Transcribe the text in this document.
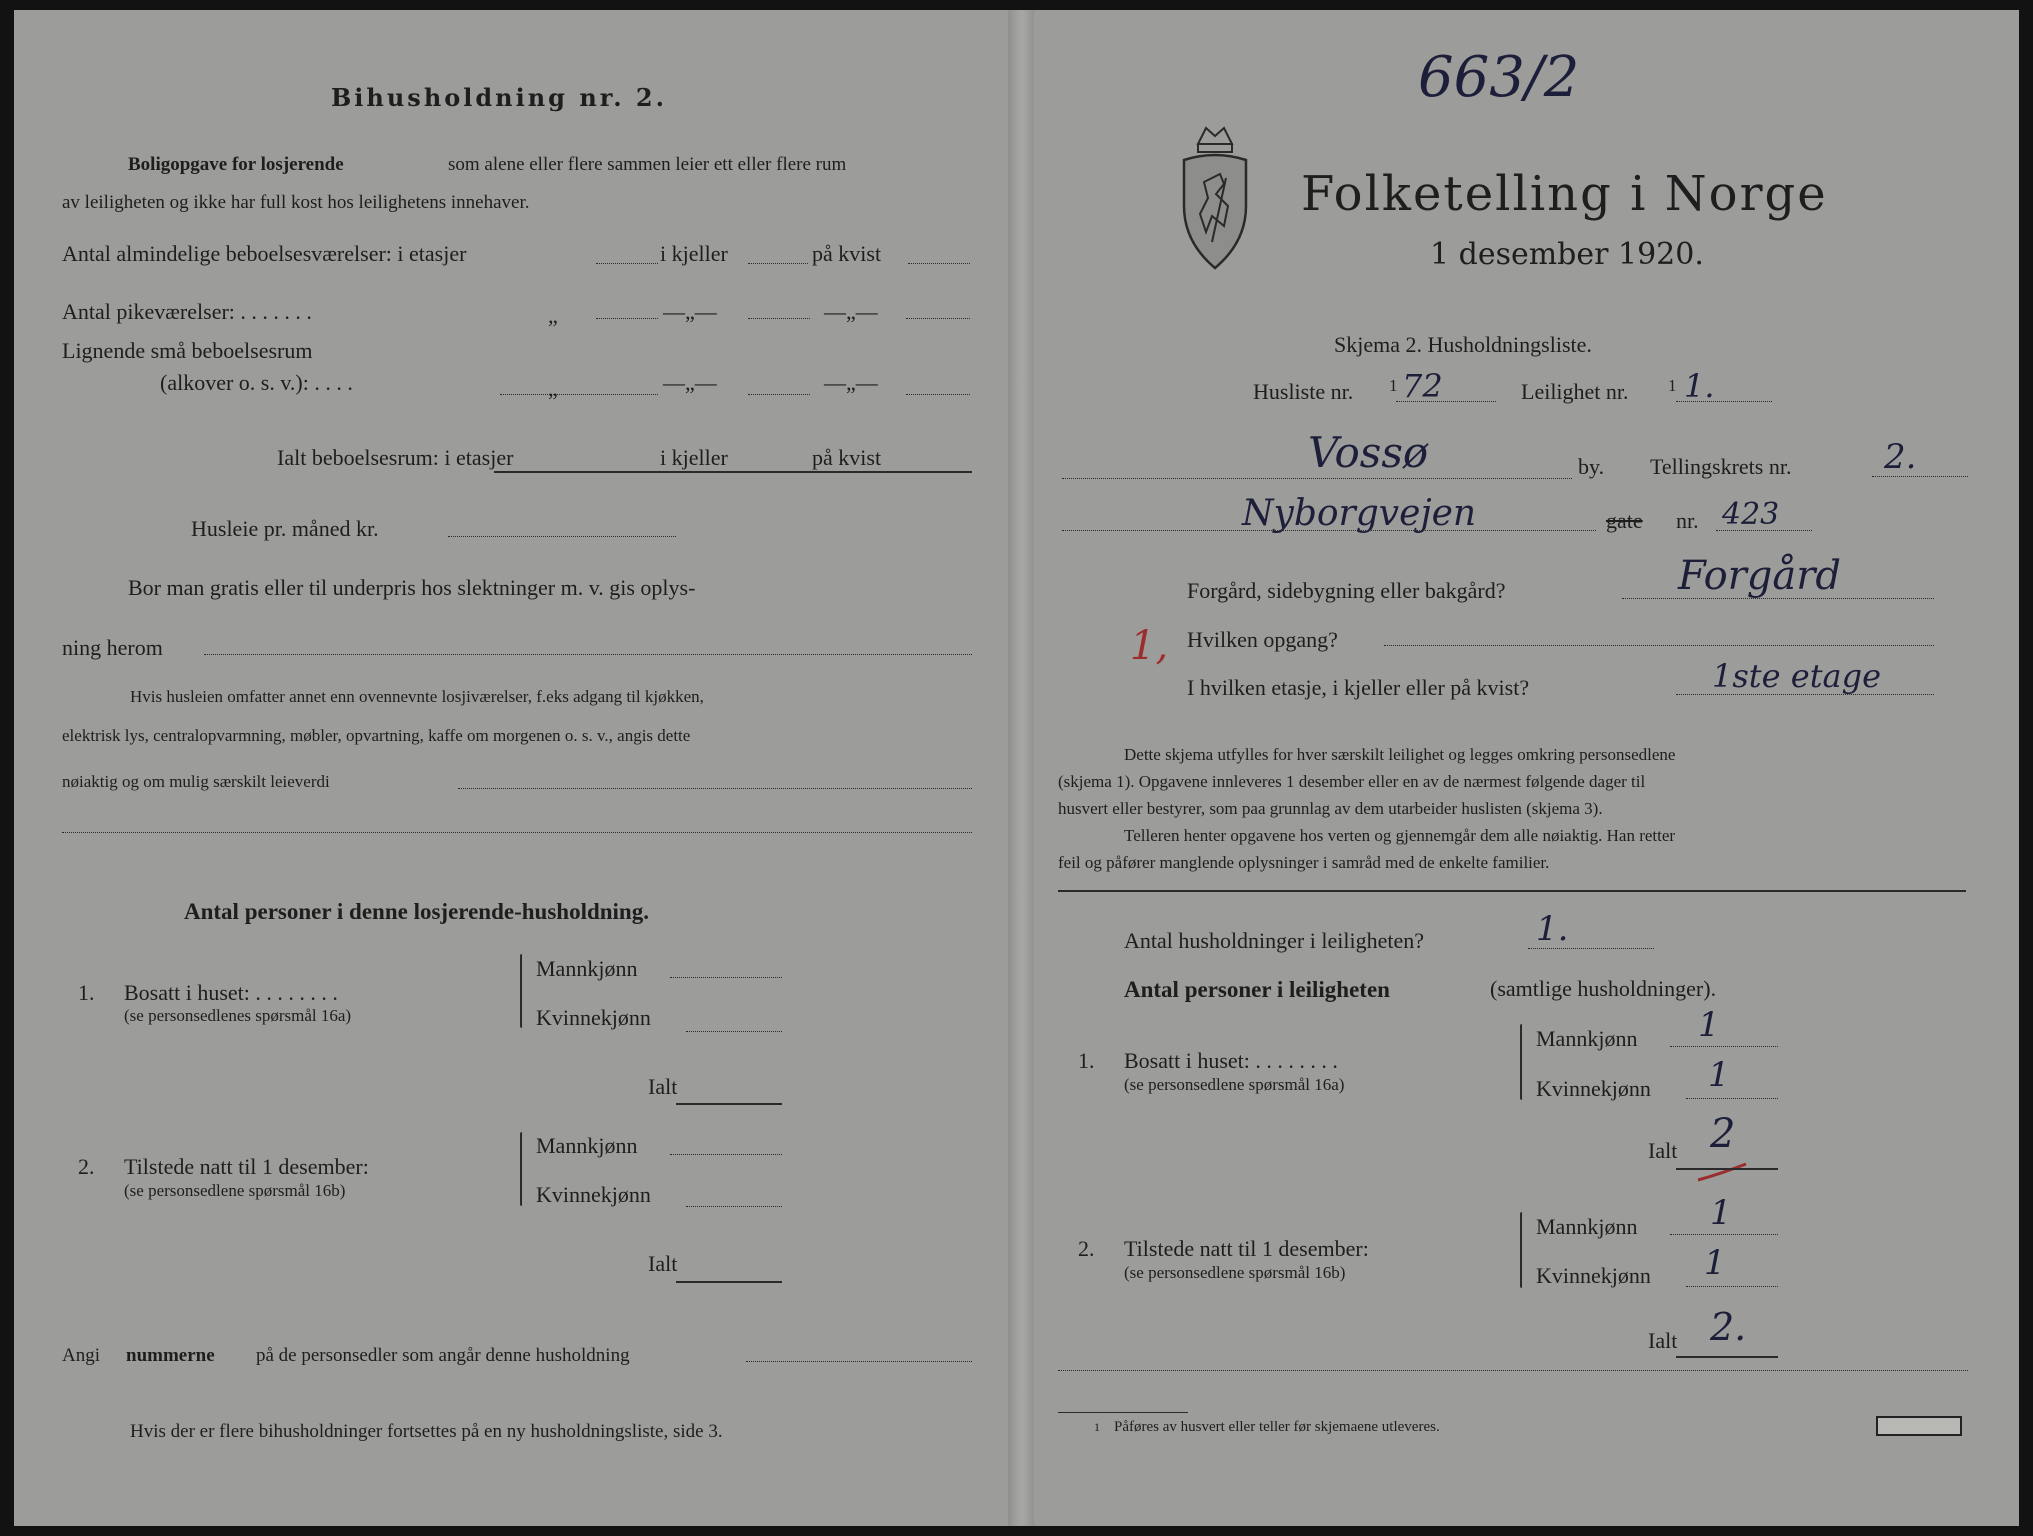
Bihusholdning nr. 2.
Boligopgave for losjerende	som alene eller flere sammen leier ett eller flere rum
av leiligheten og ikke har full kost hos leilighetens innehaver.
Antal almindelige beboelsesværelser: i etasjer	i kjeller	på kvist
Antal pikeværelser: . . . . . . .	„	—„—	—„—
Lignende små beboelsesrum
(alkover o. s. v.): . . . .	„	—„—	—„—
Ialt beboelsesrum: i etasjer	i kjeller	på kvist
Husleie pr. måned kr.
Bor man gratis eller til underpris hos slektninger m. v. gis oplys-
ning herom
Hvis husleien omfatter annet enn ovennevnte losjiværelser, f.eks adgang til kjøkken,
elektrisk lys, centralopvarmning, møbler, opvartning, kaffe om morgenen o. s. v., angis dette
nøiaktig og om mulig særskilt leieverdi
Antal personer i denne losjerende-husholdning.
1. Bosatt i huset: . . . . . . . .
(se personsedlenes spørsmål 16a)
Mannkjønn
Kvinnekjønn
Ialt
2. Tilstede natt til 1 desember:
(se personsedlene spørsmål 16b)
Mannkjønn
Kvinnekjønn
Ialt
Angi nummerne på de personsedler som angår denne husholdning
Hvis der er flere bihusholdninger fortsettes på en ny husholdningsliste, side 3.
663/2
Folketelling i Norge
1 desember 1920.
Skjema 2. Husholdningsliste.
Husliste nr. 1 72	Leilighet nr. 1 1.
Vossø	by. Tellingskrets nr.	2.
Nyborgvejen	gate nr. 423
Forgård, sidebygning eller bakgård?	Forgård
1, Hvilken opgang?
I hvilken etasje, i kjeller eller på kvist?	1ste etage
Dette skjema utfylles for hver særskilt leilighet og legges omkring personsedlene
(skjema 1). Opgavene innleveres 1 desember eller en av de nærmest følgende dager til
husvert eller bestyrer, som paa grunnlag av dem utarbeider huslisten (skjema 3).
Telleren henter opgavene hos verten og gjennemgår dem alle nøiaktig. Han retter
feil og påfører manglende oplysninger i samråd med de enkelte familier.
Antal husholdninger i leiligheten?	1.
Antal personer i leiligheten	(samtlige husholdninger).
1. Bosatt i huset: . . . . . . . .
(se personsedlene spørsmål 16a)
Mannkjønn 1
Kvinnekjønn 1
Ialt 2
2. Tilstede natt til 1 desember:
(se personsedlene spørsmål 16b)
Mannkjønn 1
Kvinnekjønn 1
Ialt 2.
1 Påføres av husvert eller teller før skjemaene utleveres.
